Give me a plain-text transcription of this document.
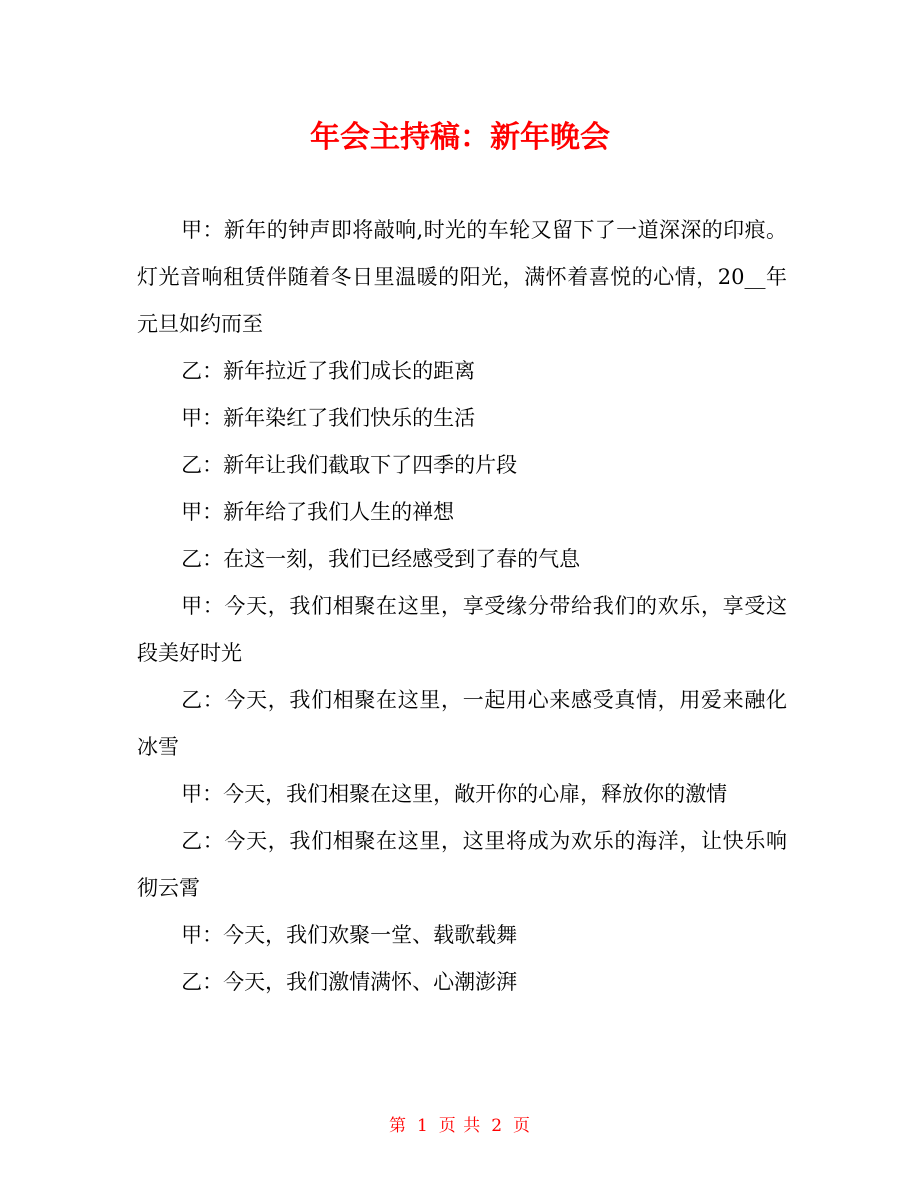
年会主持稿：新年晚会

甲：新年的钟声即将敲响,时光的车轮又留下了一道深深的印痕。灯光音响租赁伴随着冬日里温暖的阳光，满怀着喜悦的心情，20__年元旦如约而至

乙：新年拉近了我们成长的距离

甲：新年染红了我们快乐的生活

乙：新年让我们截取下了四季的片段

甲：新年给了我们人生的禅想

乙：在这一刻，我们已经感受到了春的气息

甲：今天，我们相聚在这里，享受缘分带给我们的欢乐，享受这段美好时光

乙：今天，我们相聚在这里，一起用心来感受真情，用爱来融化冰雪

甲：今天，我们相聚在这里，敞开你的心扉，释放你的激情

乙：今天，我们相聚在这里，这里将成为欢乐的海洋，让快乐响彻云霄

甲：今天，我们欢聚一堂、载歌载舞

乙：今天，我们激情满怀、心潮澎湃

第 1 页 共 2 页
